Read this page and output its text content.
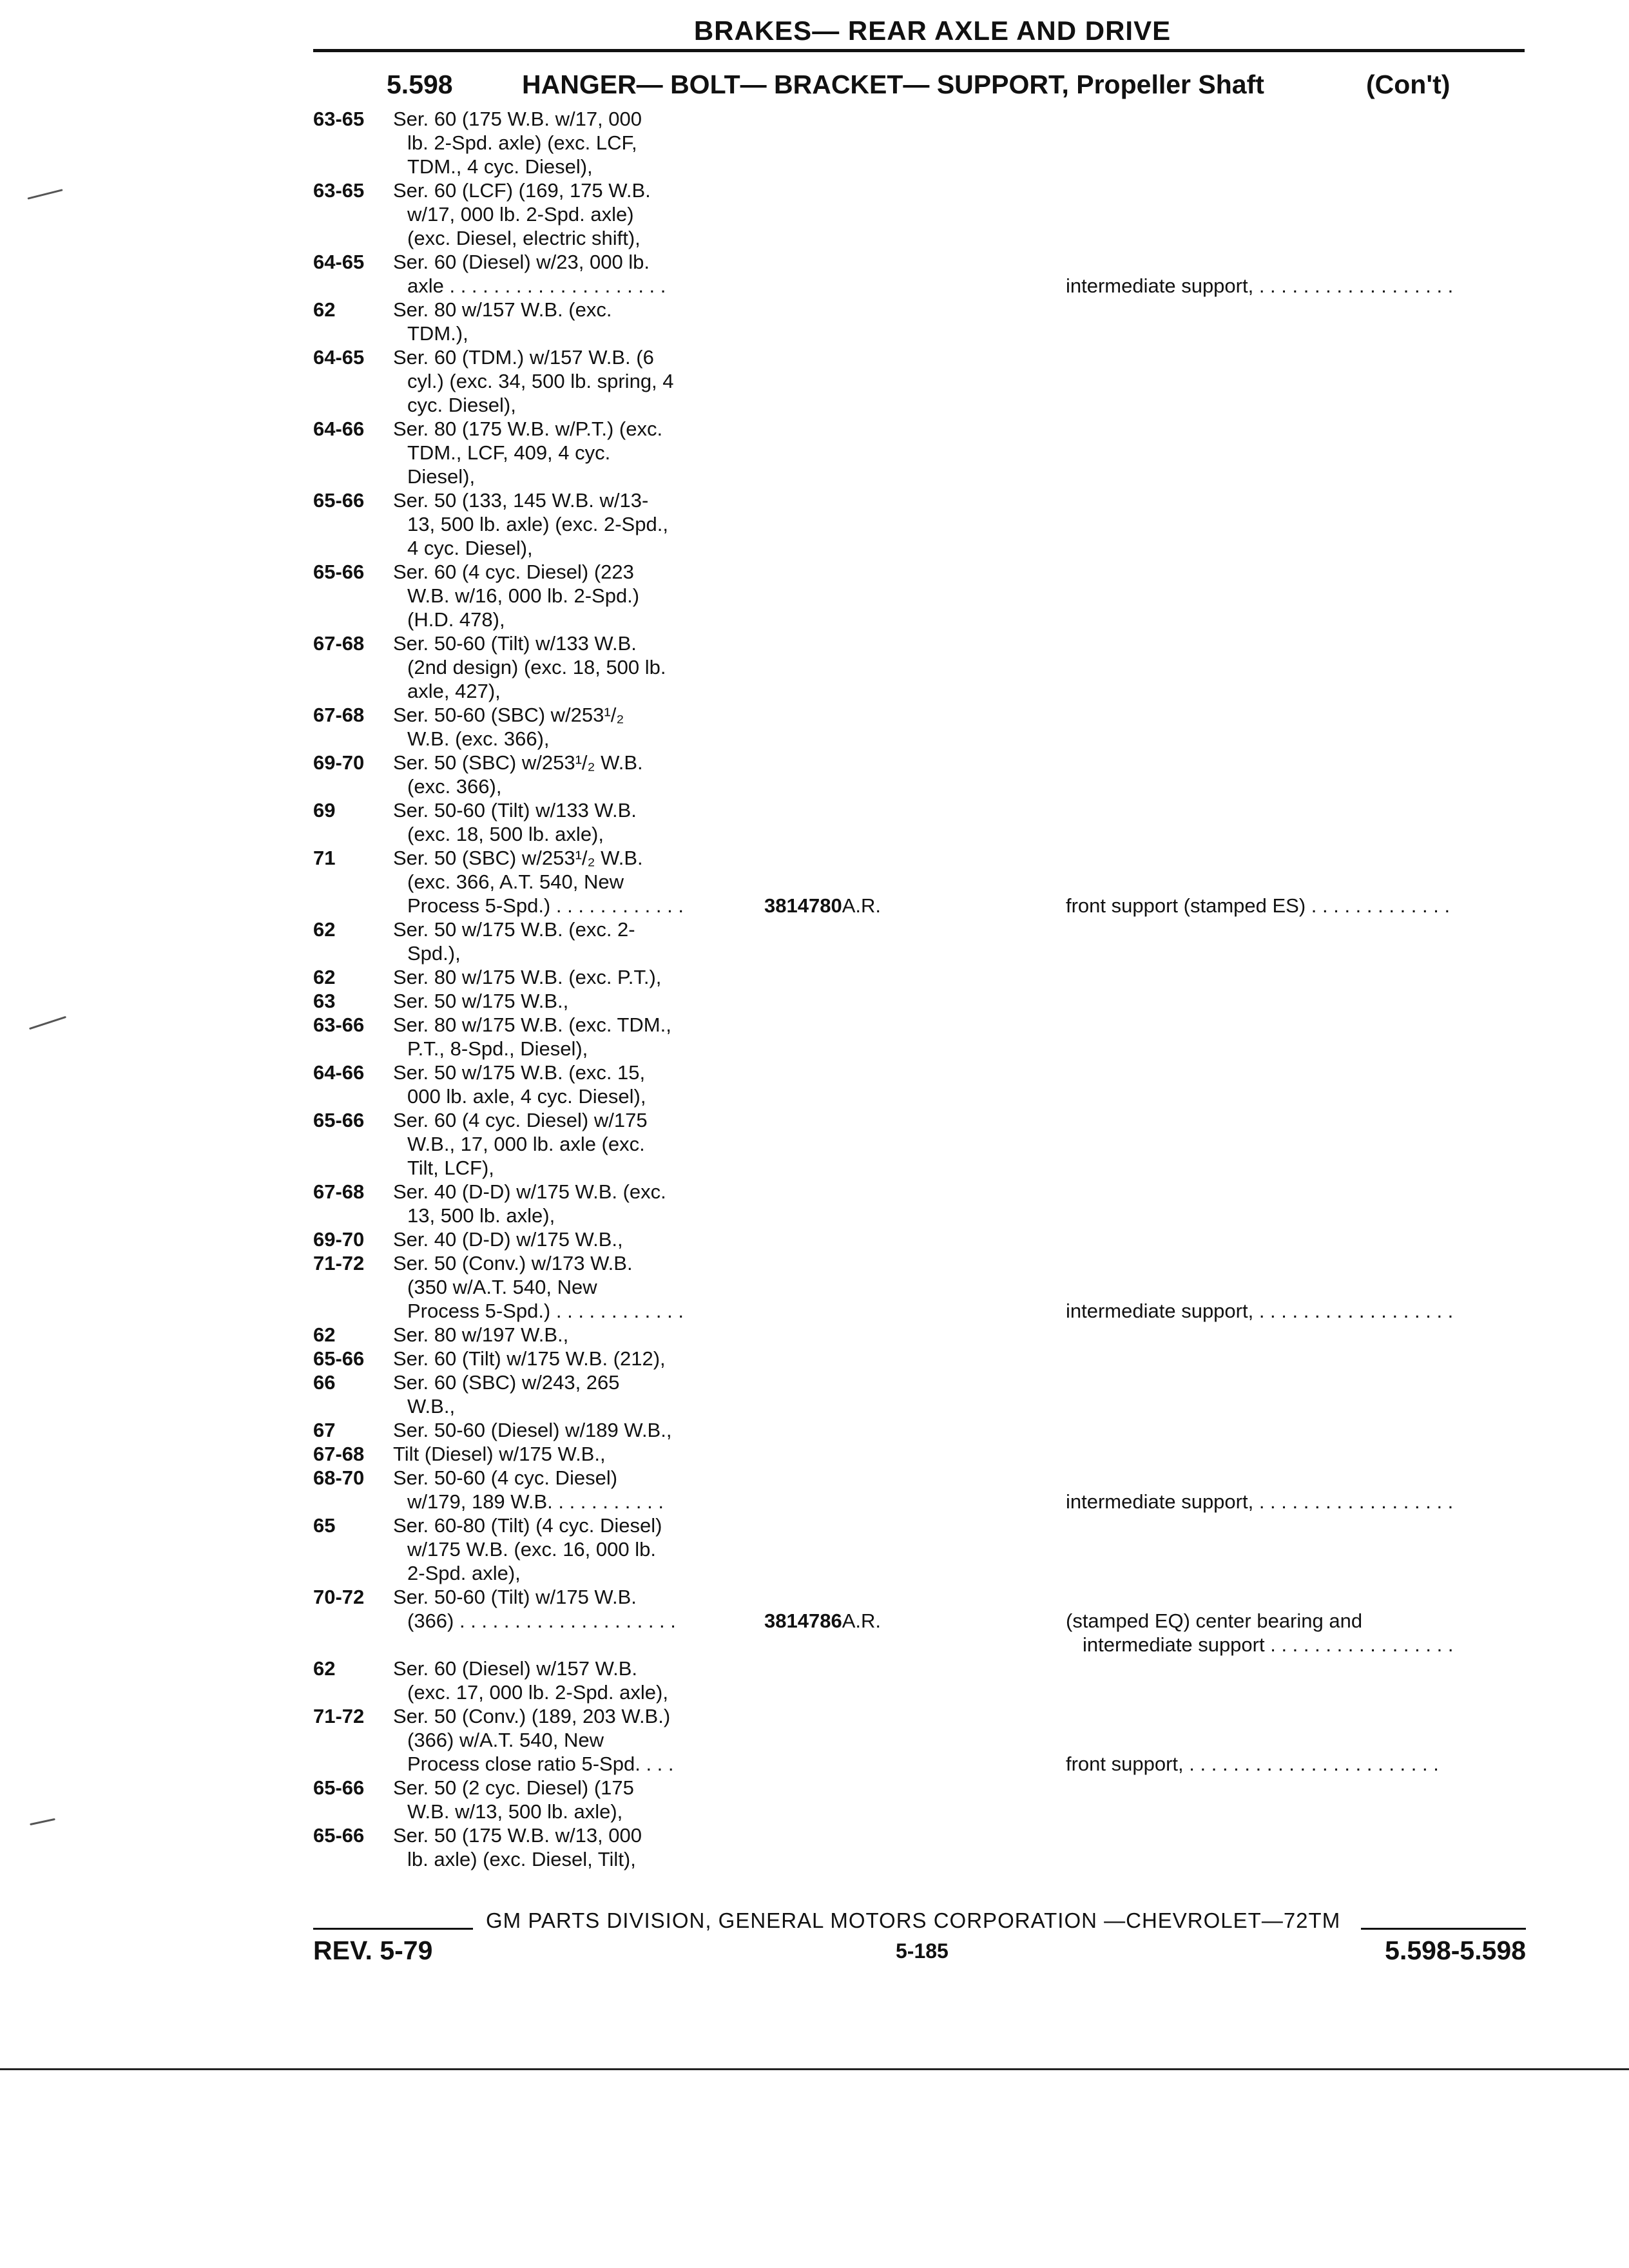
BRAKES— REAR AXLE AND DRIVE
5.598	HANGER— BOLT— BRACKET— SUPPORT, Propeller Shaft	(Con't)
63-65	Ser. 60 (175 W.B. w/17, 000
lb. 2-Spd. axle) (exc. LCF,
TDM., 4 cyc. Diesel),
63-65	Ser. 60 (LCF) (169, 175 W.B.
w/17, 000 lb. 2-Spd. axle)
(exc. Diesel, electric shift),
64-65	Ser. 60 (Diesel) w/23, 000 lb.
axle . . . . . . . . . . . . . . . . . . . .	intermediate support, . . . . . . . . . . . . . . . . . .
62	Ser. 80 w/157 W.B. (exc.
TDM.),
64-65	Ser. 60 (TDM.) w/157 W.B. (6
cyl.) (exc. 34, 500 lb. spring, 4
cyc. Diesel),
64-66	Ser. 80 (175 W.B. w/P.T.) (exc.
TDM., LCF, 409, 4 cyc.
Diesel),
65-66	Ser. 50 (133, 145 W.B. w/13-
13, 500 lb. axle) (exc. 2-Spd.,
4 cyc. Diesel),
65-66	Ser. 60 (4 cyc. Diesel) (223
W.B. w/16, 000 lb. 2-Spd.)
(H.D. 478),
67-68	Ser. 50-60 (Tilt) w/133 W.B.
(2nd design) (exc. 18, 500 lb.
axle, 427),
67-68	Ser. 50-60 (SBC) w/253¹/₂
W.B. (exc. 366),
69-70	Ser. 50 (SBC) w/253¹/₂ W.B.
(exc. 366),
69	Ser. 50-60 (Tilt) w/133 W.B.
(exc. 18, 500 lb. axle),
71	Ser. 50 (SBC) w/253¹/₂ W.B.
(exc. 366, A.T. 540, New
Process 5-Spd.) . . . . . . . . . . . .	3814780A.R.	front support (stamped ES) . . . . . . . . . . . . .
62	Ser. 50 w/175 W.B. (exc. 2-
Spd.),
62	Ser. 80 w/175 W.B. (exc. P.T.),
63	Ser. 50 w/175 W.B.,
63-66	Ser. 80 w/175 W.B. (exc. TDM.,
P.T., 8-Spd., Diesel),
64-66	Ser. 50 w/175 W.B. (exc. 15,
000 lb. axle, 4 cyc. Diesel),
65-66	Ser. 60 (4 cyc. Diesel) w/175
W.B., 17, 000 lb. axle (exc.
Tilt, LCF),
67-68	Ser. 40 (D-D) w/175 W.B. (exc.
13, 500 lb. axle),
69-70	Ser. 40 (D-D) w/175 W.B.,
71-72	Ser. 50 (Conv.) w/173 W.B.
(350 w/A.T. 540, New
Process 5-Spd.) . . . . . . . . . . . .	intermediate support, . . . . . . . . . . . . . . . . . .
62	Ser. 80 w/197 W.B.,
65-66	Ser. 60 (Tilt) w/175 W.B. (212),
66	Ser. 60 (SBC) w/243, 265
W.B.,
67	Ser. 50-60 (Diesel) w/189 W.B.,
67-68	Tilt (Diesel) w/175 W.B.,
68-70	Ser. 50-60 (4 cyc. Diesel)
w/179, 189 W.B. . . . . . . . . . .	intermediate support, . . . . . . . . . . . . . . . . . .
65	Ser. 60-80 (Tilt) (4 cyc. Diesel)
w/175 W.B. (exc. 16, 000 lb.
2-Spd. axle),
70-72	Ser. 50-60 (Tilt) w/175 W.B.
(366) . . . . . . . . . . . . . . . . . . . .	3814786A.R.	(stamped EQ) center bearing and
intermediate support . . . . . . . . . . . . . . . . .
62	Ser. 60 (Diesel) w/157 W.B.
(exc. 17, 000 lb. 2-Spd. axle),
71-72	Ser. 50 (Conv.) (189, 203 W.B.)
(366) w/A.T. 540, New
Process close ratio 5-Spd. . . .	front support, . . . . . . . . . . . . . . . . . . . . . . .
65-66	Ser. 50 (2 cyc. Diesel) (175
W.B. w/13, 500 lb. axle),
65-66	Ser. 50 (175 W.B. w/13, 000
lb. axle) (exc. Diesel, Tilt),
GM PARTS DIVISION, GENERAL MOTORS CORPORATION —CHEVROLET—72TM
REV. 5-79	5-185	5.598-5.598
